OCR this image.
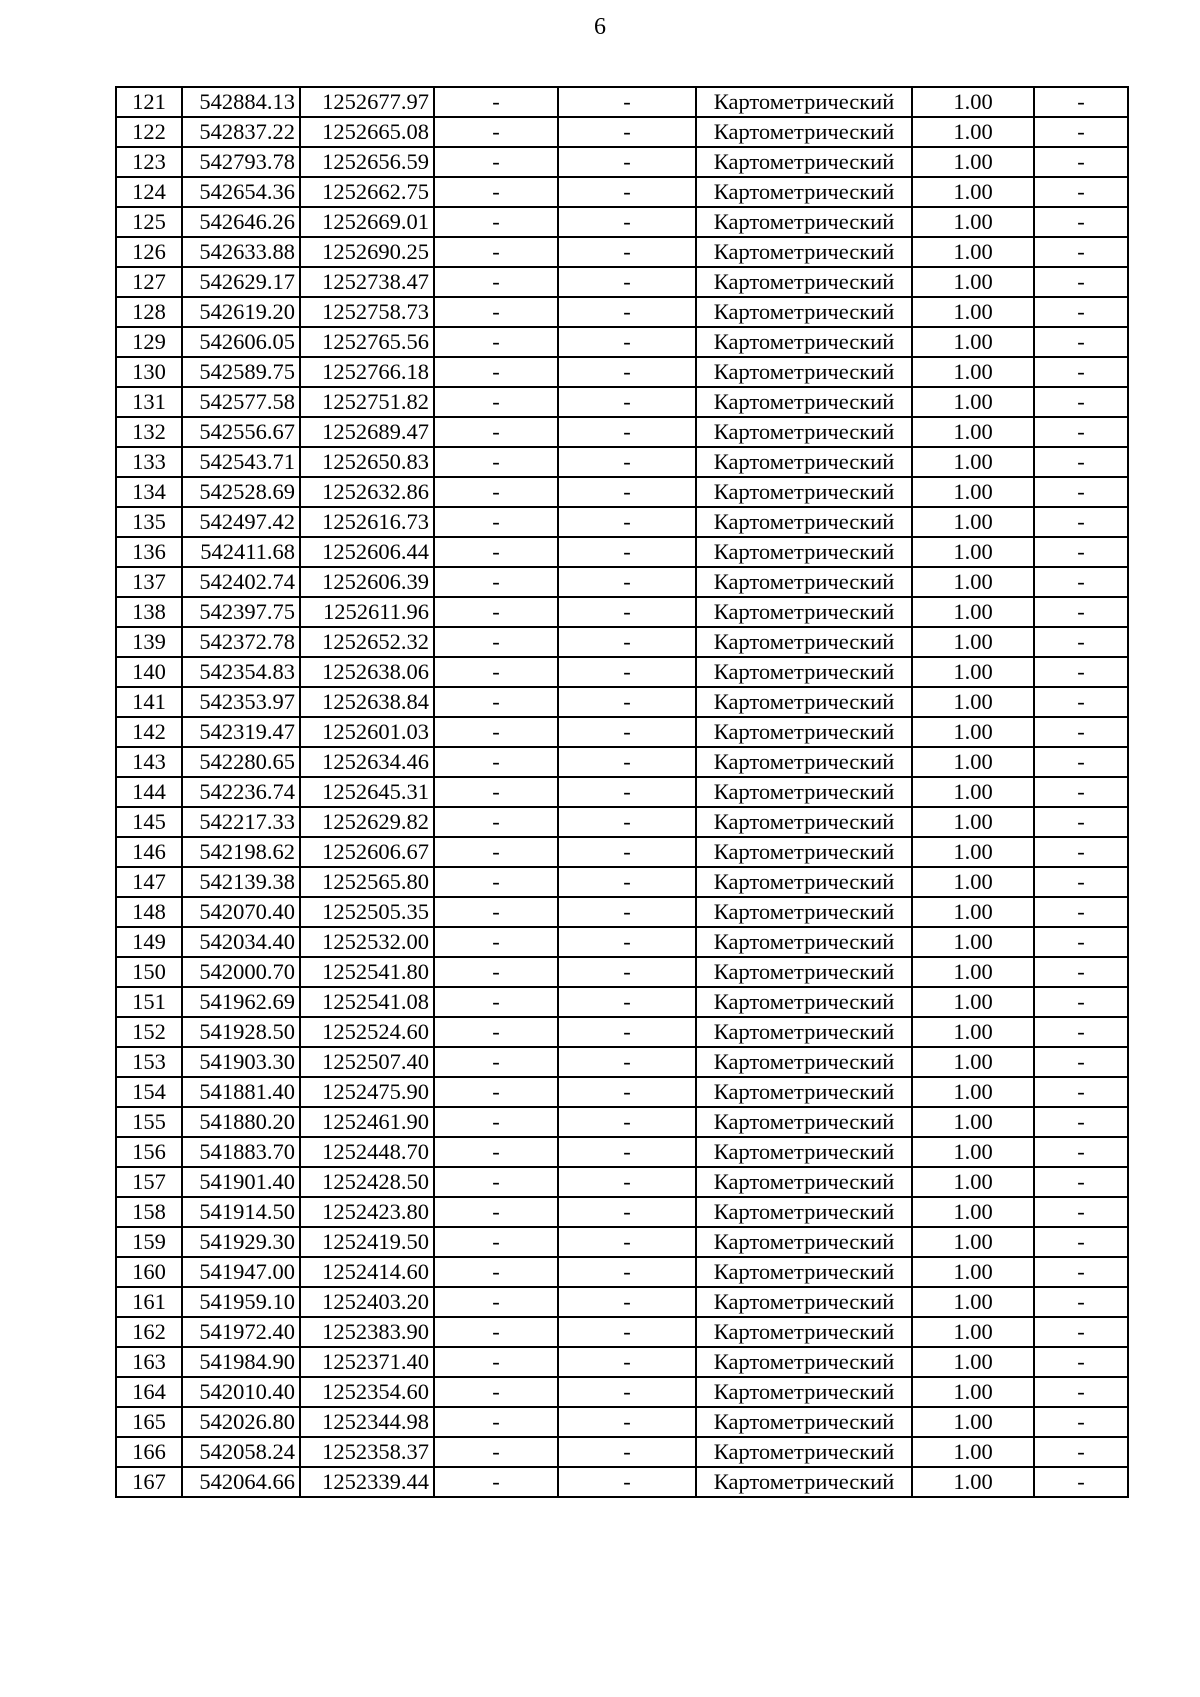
6
121	542884.13	1252677.97	-	-	Картометрический	1.00	-
122	542837.22	1252665.08	-	-	Картометрический	1.00	-
123	542793.78	1252656.59	-	-	Картометрический	1.00	-
124	542654.36	1252662.75	-	-	Картометрический	1.00	-
125	542646.26	1252669.01	-	-	Картометрический	1.00	-
126	542633.88	1252690.25	-	-	Картометрический	1.00	-
127	542629.17	1252738.47	-	-	Картометрический	1.00	-
128	542619.20	1252758.73	-	-	Картометрический	1.00	-
129	542606.05	1252765.56	-	-	Картометрический	1.00	-
130	542589.75	1252766.18	-	-	Картометрический	1.00	-
131	542577.58	1252751.82	-	-	Картометрический	1.00	-
132	542556.67	1252689.47	-	-	Картометрический	1.00	-
133	542543.71	1252650.83	-	-	Картометрический	1.00	-
134	542528.69	1252632.86	-	-	Картометрический	1.00	-
135	542497.42	1252616.73	-	-	Картометрический	1.00	-
136	542411.68	1252606.44	-	-	Картометрический	1.00	-
137	542402.74	1252606.39	-	-	Картометрический	1.00	-
138	542397.75	1252611.96	-	-	Картометрический	1.00	-
139	542372.78	1252652.32	-	-	Картометрический	1.00	-
140	542354.83	1252638.06	-	-	Картометрический	1.00	-
141	542353.97	1252638.84	-	-	Картометрический	1.00	-
142	542319.47	1252601.03	-	-	Картометрический	1.00	-
143	542280.65	1252634.46	-	-	Картометрический	1.00	-
144	542236.74	1252645.31	-	-	Картометрический	1.00	-
145	542217.33	1252629.82	-	-	Картометрический	1.00	-
146	542198.62	1252606.67	-	-	Картометрический	1.00	-
147	542139.38	1252565.80	-	-	Картометрический	1.00	-
148	542070.40	1252505.35	-	-	Картометрический	1.00	-
149	542034.40	1252532.00	-	-	Картометрический	1.00	-
150	542000.70	1252541.80	-	-	Картометрический	1.00	-
151	541962.69	1252541.08	-	-	Картометрический	1.00	-
152	541928.50	1252524.60	-	-	Картометрический	1.00	-
153	541903.30	1252507.40	-	-	Картометрический	1.00	-
154	541881.40	1252475.90	-	-	Картометрический	1.00	-
155	541880.20	1252461.90	-	-	Картометрический	1.00	-
156	541883.70	1252448.70	-	-	Картометрический	1.00	-
157	541901.40	1252428.50	-	-	Картометрический	1.00	-
158	541914.50	1252423.80	-	-	Картометрический	1.00	-
159	541929.30	1252419.50	-	-	Картометрический	1.00	-
160	541947.00	1252414.60	-	-	Картометрический	1.00	-
161	541959.10	1252403.20	-	-	Картометрический	1.00	-
162	541972.40	1252383.90	-	-	Картометрический	1.00	-
163	541984.90	1252371.40	-	-	Картометрический	1.00	-
164	542010.40	1252354.60	-	-	Картометрический	1.00	-
165	542026.80	1252344.98	-	-	Картометрический	1.00	-
166	542058.24	1252358.37	-	-	Картометрический	1.00	-
167	542064.66	1252339.44	-	-	Картометрический	1.00	-
